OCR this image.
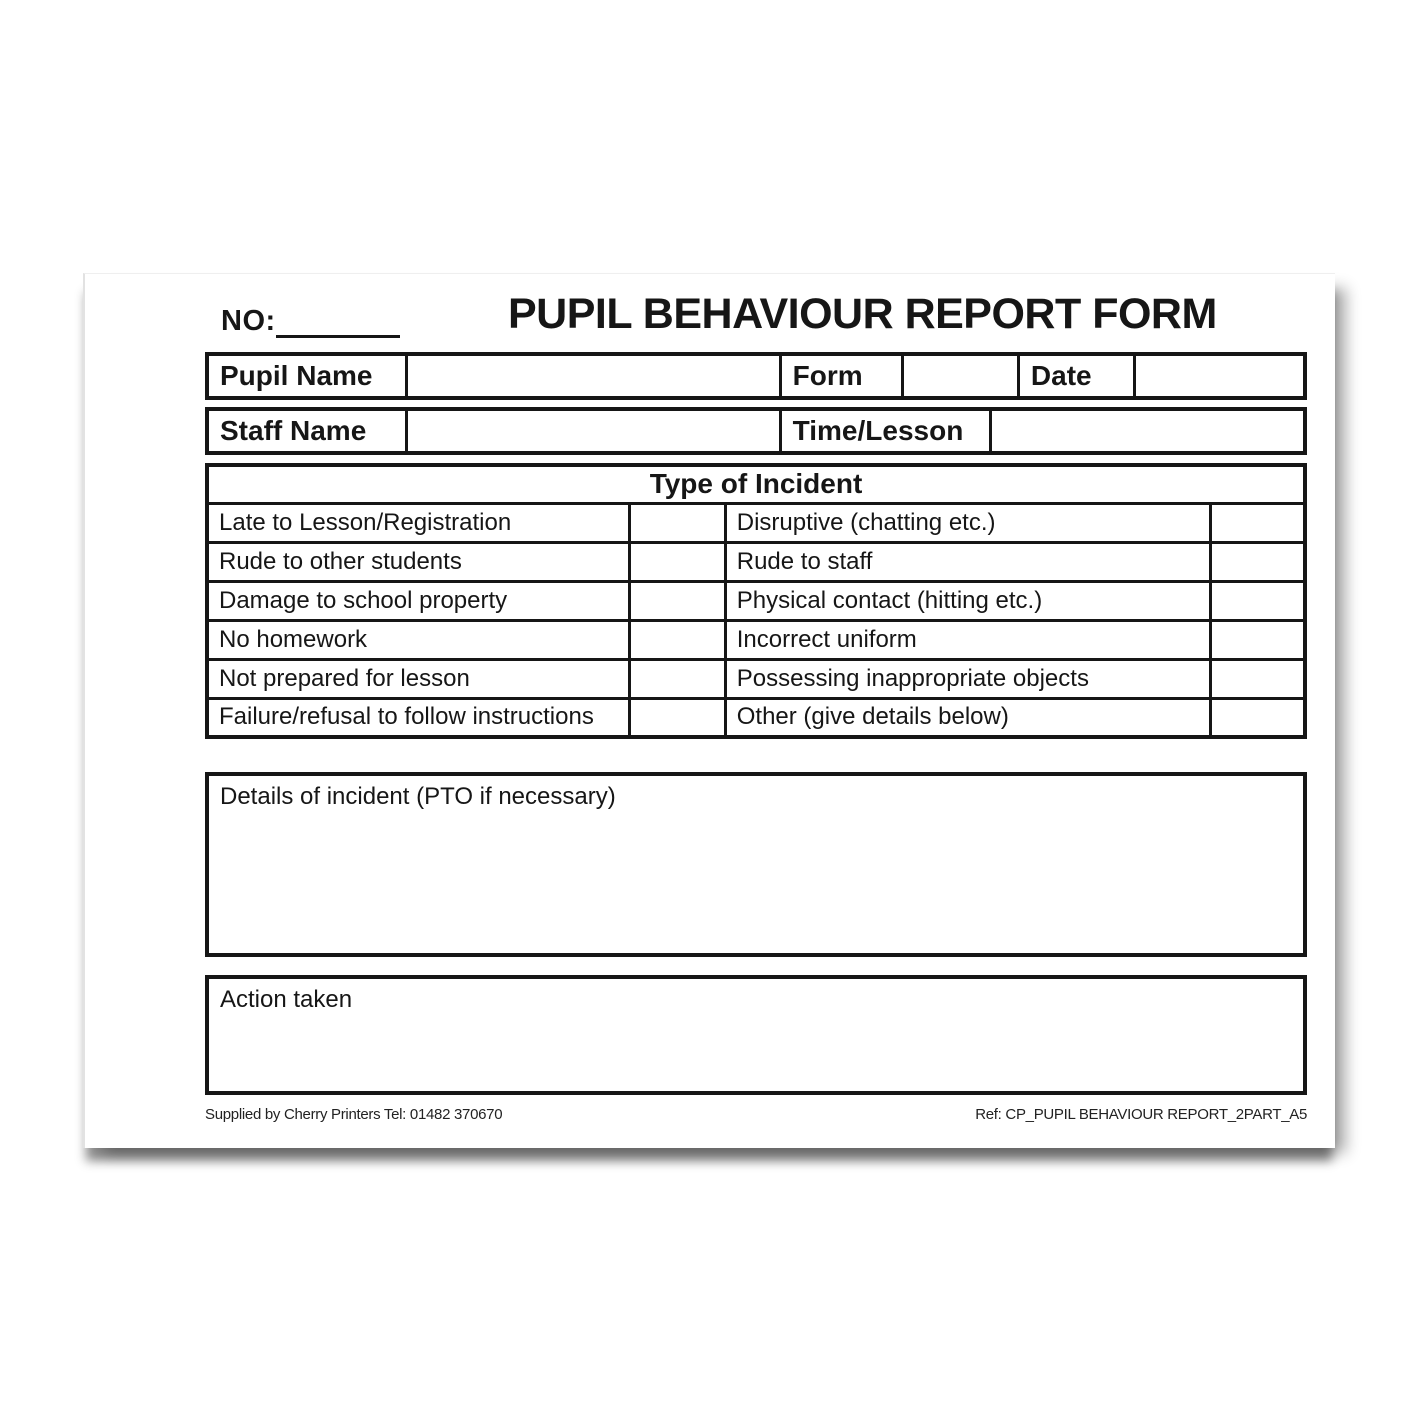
NO:	PUPIL BEHAVIOUR REPORT FORM
Pupil Name		Form		Date	
Staff Name		Time/Lesson	
Type of Incident			
Late to Lesson/Registration		Disruptive (chatting etc.)	
Rude to other students		Rude to staff	
Damage to school property		Physical contact (hitting etc.)	
No homework		Incorrect uniform	
Not prepared for lesson		Possessing inappropriate objects	
Failure/refusal to follow instructions		Other (give details below)	
Details of incident (PTO if necessary)
Action taken
Supplied by Cherry Printers Tel: 01482 370670	Ref: CP_PUPIL BEHAVIOUR REPORT_2PART_A5
